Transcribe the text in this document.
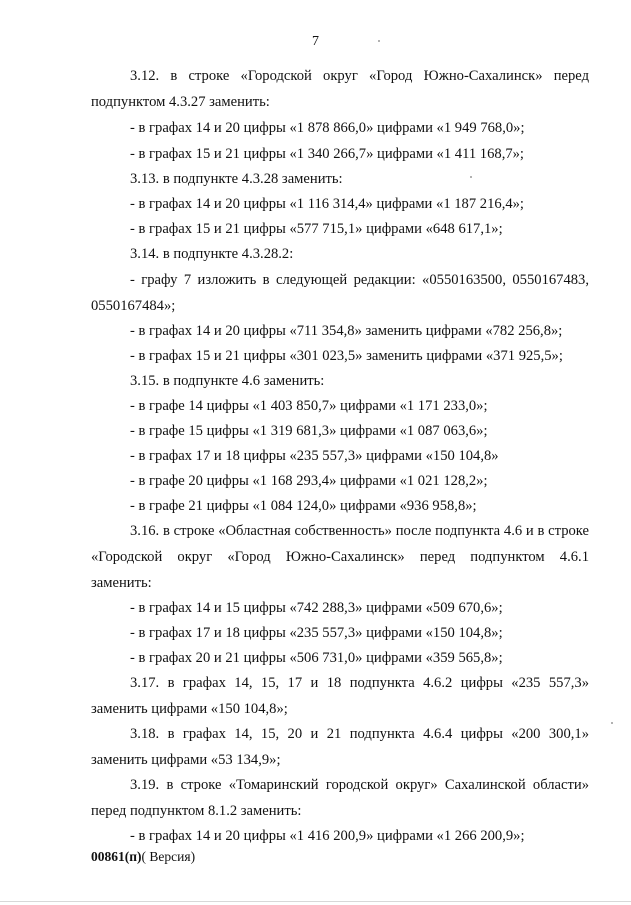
7
3.12. в строке «Городской округ «Город Южно-Сахалинск» перед
подпунктом 4.3.27 заменить:
- в графах 14 и 20 цифры «1 878 866,0» цифрами «1 949 768,0»;
- в графах 15 и 21 цифры «1 340 266,7» цифрами «1 411 168,7»;
3.13. в подпункте 4.3.28 заменить:
- в графах 14 и 20 цифры «1 116 314,4» цифрами «1 187 216,4»;
- в графах 15 и 21 цифры «577 715,1» цифрами «648 617,1»;
3.14. в подпункте 4.3.28.2:
- графу 7 изложить в следующей редакции: «0550163500, 0550167483,
0550167484»;
- в графах 14 и 20 цифры «711 354,8» заменить цифрами «782 256,8»;
- в графах 15 и 21 цифры «301 023,5» заменить цифрами «371 925,5»;
3.15. в подпункте 4.6 заменить:
- в графе 14 цифры «1 403 850,7» цифрами «1 171 233,0»;
- в графе 15 цифры «1 319 681,3» цифрами «1 087 063,6»;
- в графах 17 и 18 цифры «235 557,3» цифрами «150 104,8»
- в графе 20 цифры «1 168 293,4» цифрами «1 021 128,2»;
- в графе 21 цифры «1 084 124,0» цифрами «936 958,8»;
3.16. в строке «Областная собственность» после подпункта 4.6 и в строке
«Городской округ «Город Южно-Сахалинск» перед подпунктом 4.6.1
заменить:
- в графах 14 и 15 цифры «742 288,3» цифрами «509 670,6»;
- в графах 17 и 18 цифры «235 557,3» цифрами «150 104,8»;
- в графах 20 и 21 цифры «506 731,0» цифрами «359 565,8»;
3.17. в графах 14, 15, 17 и 18 подпункта 4.6.2 цифры «235 557,3»
заменить цифрами «150 104,8»;
3.18. в графах 14, 15, 20 и 21 подпункта 4.6.4 цифры «200 300,1»
заменить цифрами «53 134,9»;
3.19. в строке «Томаринский городской округ» Сахалинской области»
перед подпунктом 8.1.2 заменить:
- в графах 14 и 20 цифры «1 416 200,9» цифрами «1 266 200,9»;
00861(п)( Версия)
